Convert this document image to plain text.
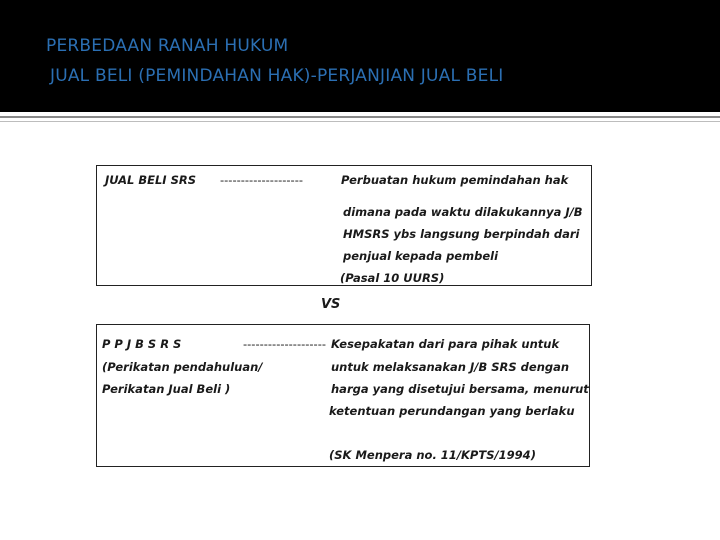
PERBEDAAN RANAH HUKUM
JUAL BELI (PEMINDAHAN HAK)-PERJANJIAN JUAL BELI
JUAL BELI SRS --------------------	Perbuatan hukum pemindahan hak
dimana pada waktu dilakukannya J/B
HMSRS ybs langsung berpindah dari
penjual kepada pembeli
(Pasal 10 UURS)
VS
P P J B S R S
(Perikatan pendahuluan/
Perikatan Jual Beli )
-------------------- Kesepakatan dari para pihak untuk
untuk melaksanakan J/B SRS dengan
harga yang disetujui bersama, menurut
ketentuan perundangan yang berlaku
(SK Menpera no. 11/KPTS/1994)
